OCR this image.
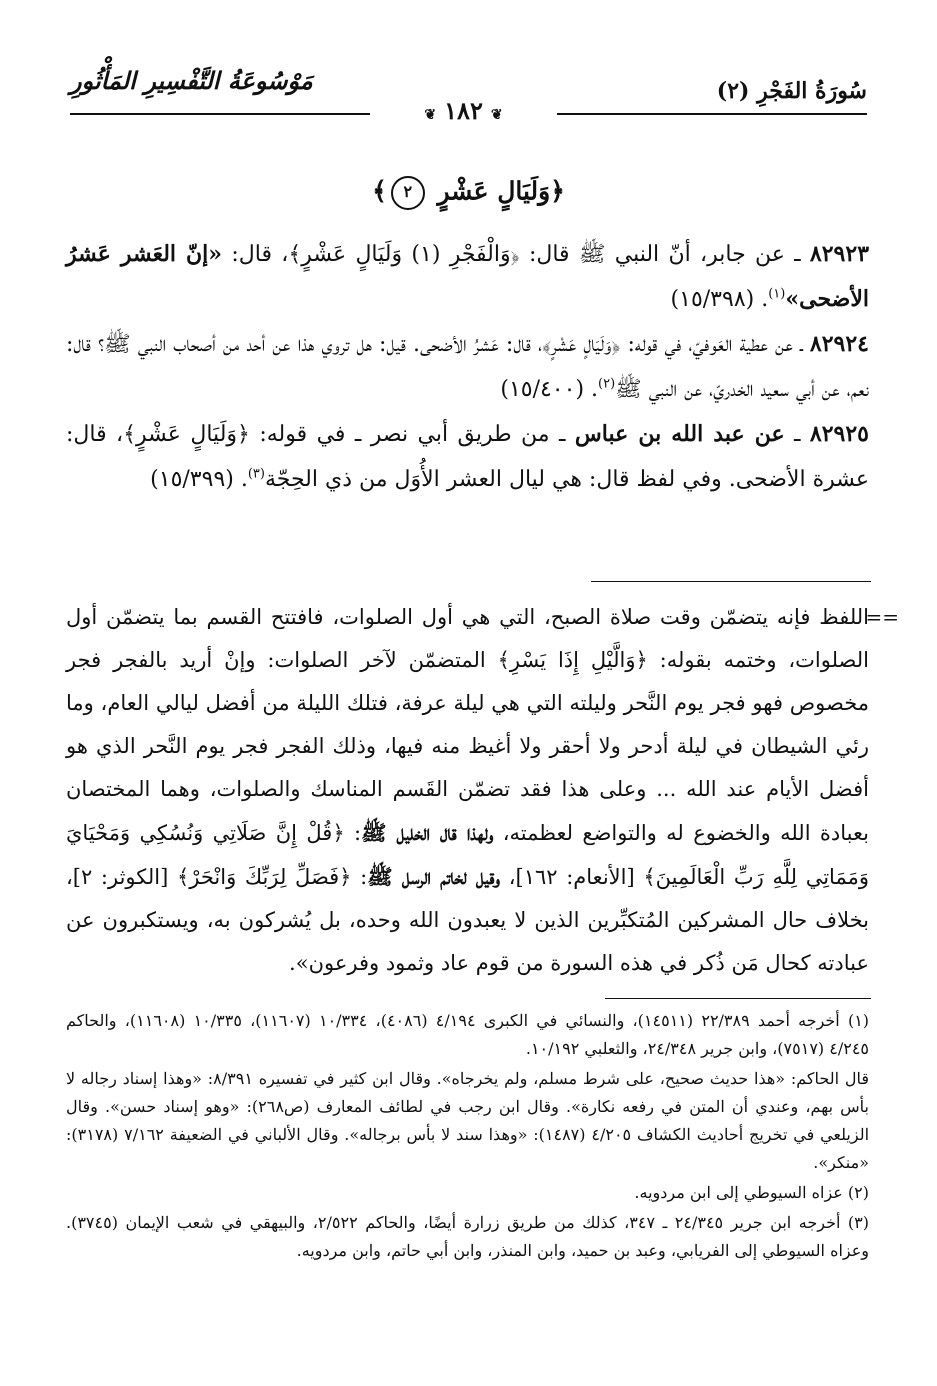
سُورَةُ الفَجْرِ (٢)
مَوْسُوعَةُ التَّفْسِيرِ المَأْثُورِ
❦١٨٢❦
﴿وَلَيَالٍ عَشْرٍ ٢﴾

٨٢٩٢٣ ـ عن جابر، أنّ النبي ﷺ قال: ﴿وَالْفَجْرِ (١) وَلَيَالٍ عَشْرٍ﴾، قال: «إنّ العَشر عَشرُ الأضحى»$^{(١)}$. (١٥/٣٩٨)

٨٢٩٢٤ ـ عن عطية العَوفيّ، في قوله: ﴿وَلَيَالٍ عَشْرٍ﴾، قال: عَشرُ الأضحى. قيل: هل تروي هذا عن أحد من أصحاب النبي ﷺ؟ قال: نعم، عن أبي سعيد الخدريّ، عن النبي ﷺ$^{(٢)}$. (١٥/٤٠٠)

٨٢٩٢٥ ـ عن عبد الله بن عباس ـ من طريق أبي نصر ـ في قوله: ﴿وَلَيَالٍ عَشْرٍ﴾، قال: عشرة الأضحى. وفي لفظ قال: هي ليال العشر الأُوَل من ذي الحِجّة$^{(٣)}$. (١٥/٣٩٩)

==
اللفظ فإنه يتضمّن وقت صلاة الصبح، التي هي أول الصلوات، فافتتح القسم بما يتضمّن أول الصلوات، وختمه بقوله: ﴿وَالَّيْلِ إِذَا يَسْرِ﴾ المتضمّن لآخر الصلوات: وإنْ أريد بالفجر فجر مخصوص فهو فجر يوم النَّحر وليلته التي هي ليلة عرفة، فتلك الليلة من أفضل ليالي العام، وما رئي الشيطان في ليلة أدحر ولا أحقر ولا أغيظ منه فيها، وذلك الفجر فجر يوم النَّحر الذي هو أفضل الأيام عند الله ... وعلى هذا فقد تضمّن القَسم المناسك والصلوات، وهما المختصان بعبادة الله والخضوع له والتواضع لعظمته، ولهذا قال الخليل ﷺ: ﴿قُلْ إِنَّ صَلَاتِي وَنُسُكِي وَمَحْيَايَ وَمَمَاتِي لِلَّهِ رَبِّ الْعَالَمِينَ﴾ [الأنعام: ١٦٢]، وقيل لخاتم الرسل ﷺ: ﴿فَصَلِّ لِرَبِّكَ وَانْحَرْ﴾ [الكوثر: ٢]، بخلاف حال المشركين المُتكبِّرين الذين لا يعبدون الله وحده، بل يُشركون به، ويستكبرون عن عبادته كحال مَن ذُكر في هذه السورة من قوم عاد وثمود وفرعون».

(١) أخرجه أحمد ٢٢/٣٨٩ (١٤٥١١)، والنسائي في الكبرى ٤/١٩٤ (٤٠٨٦)، ١٠/٣٣٤ (١١٦٠٧)، ١٠/٣٣٥ (١١٦٠٨)، والحاكم ٤/٢٤٥ (٧٥١٧)، وابن جرير ٢٤/٣٤٨، والثعلبي ١٠/١٩٢.

قال الحاكم: «هذا حديث صحيح، على شرط مسلم، ولم يخرجاه». وقال ابن كثير في تفسيره ٨/٣٩١: «وهذا إسناد رجاله لا بأس بهم، وعندي أن المتن في رفعه نكارة». وقال ابن رجب في لطائف المعارف (ص٢٦٨): «وهو إسناد حسن». وقال الزيلعي في تخريج أحاديث الكشاف ٤/٢٠٥ (١٤٨٧): «وهذا سند لا بأس برجاله». وقال الألباني في الضعيفة ٧/١٦٢ (٣١٧٨): «منكر».

(٢) عزاه السيوطي إلى ابن مردويه.

(٣) أخرجه ابن جرير ٢٤/٣٤٥ ـ ٣٤٧، كذلك من طريق زرارة أيضًا، والحاكم ٢/٥٢٢، والبيهقي في شعب الإيمان (٣٧٤٥). وعزاه السيوطي إلى الفريابي، وعبد بن حميد، وابن المنذر، وابن أبي حاتم، وابن مردويه.
